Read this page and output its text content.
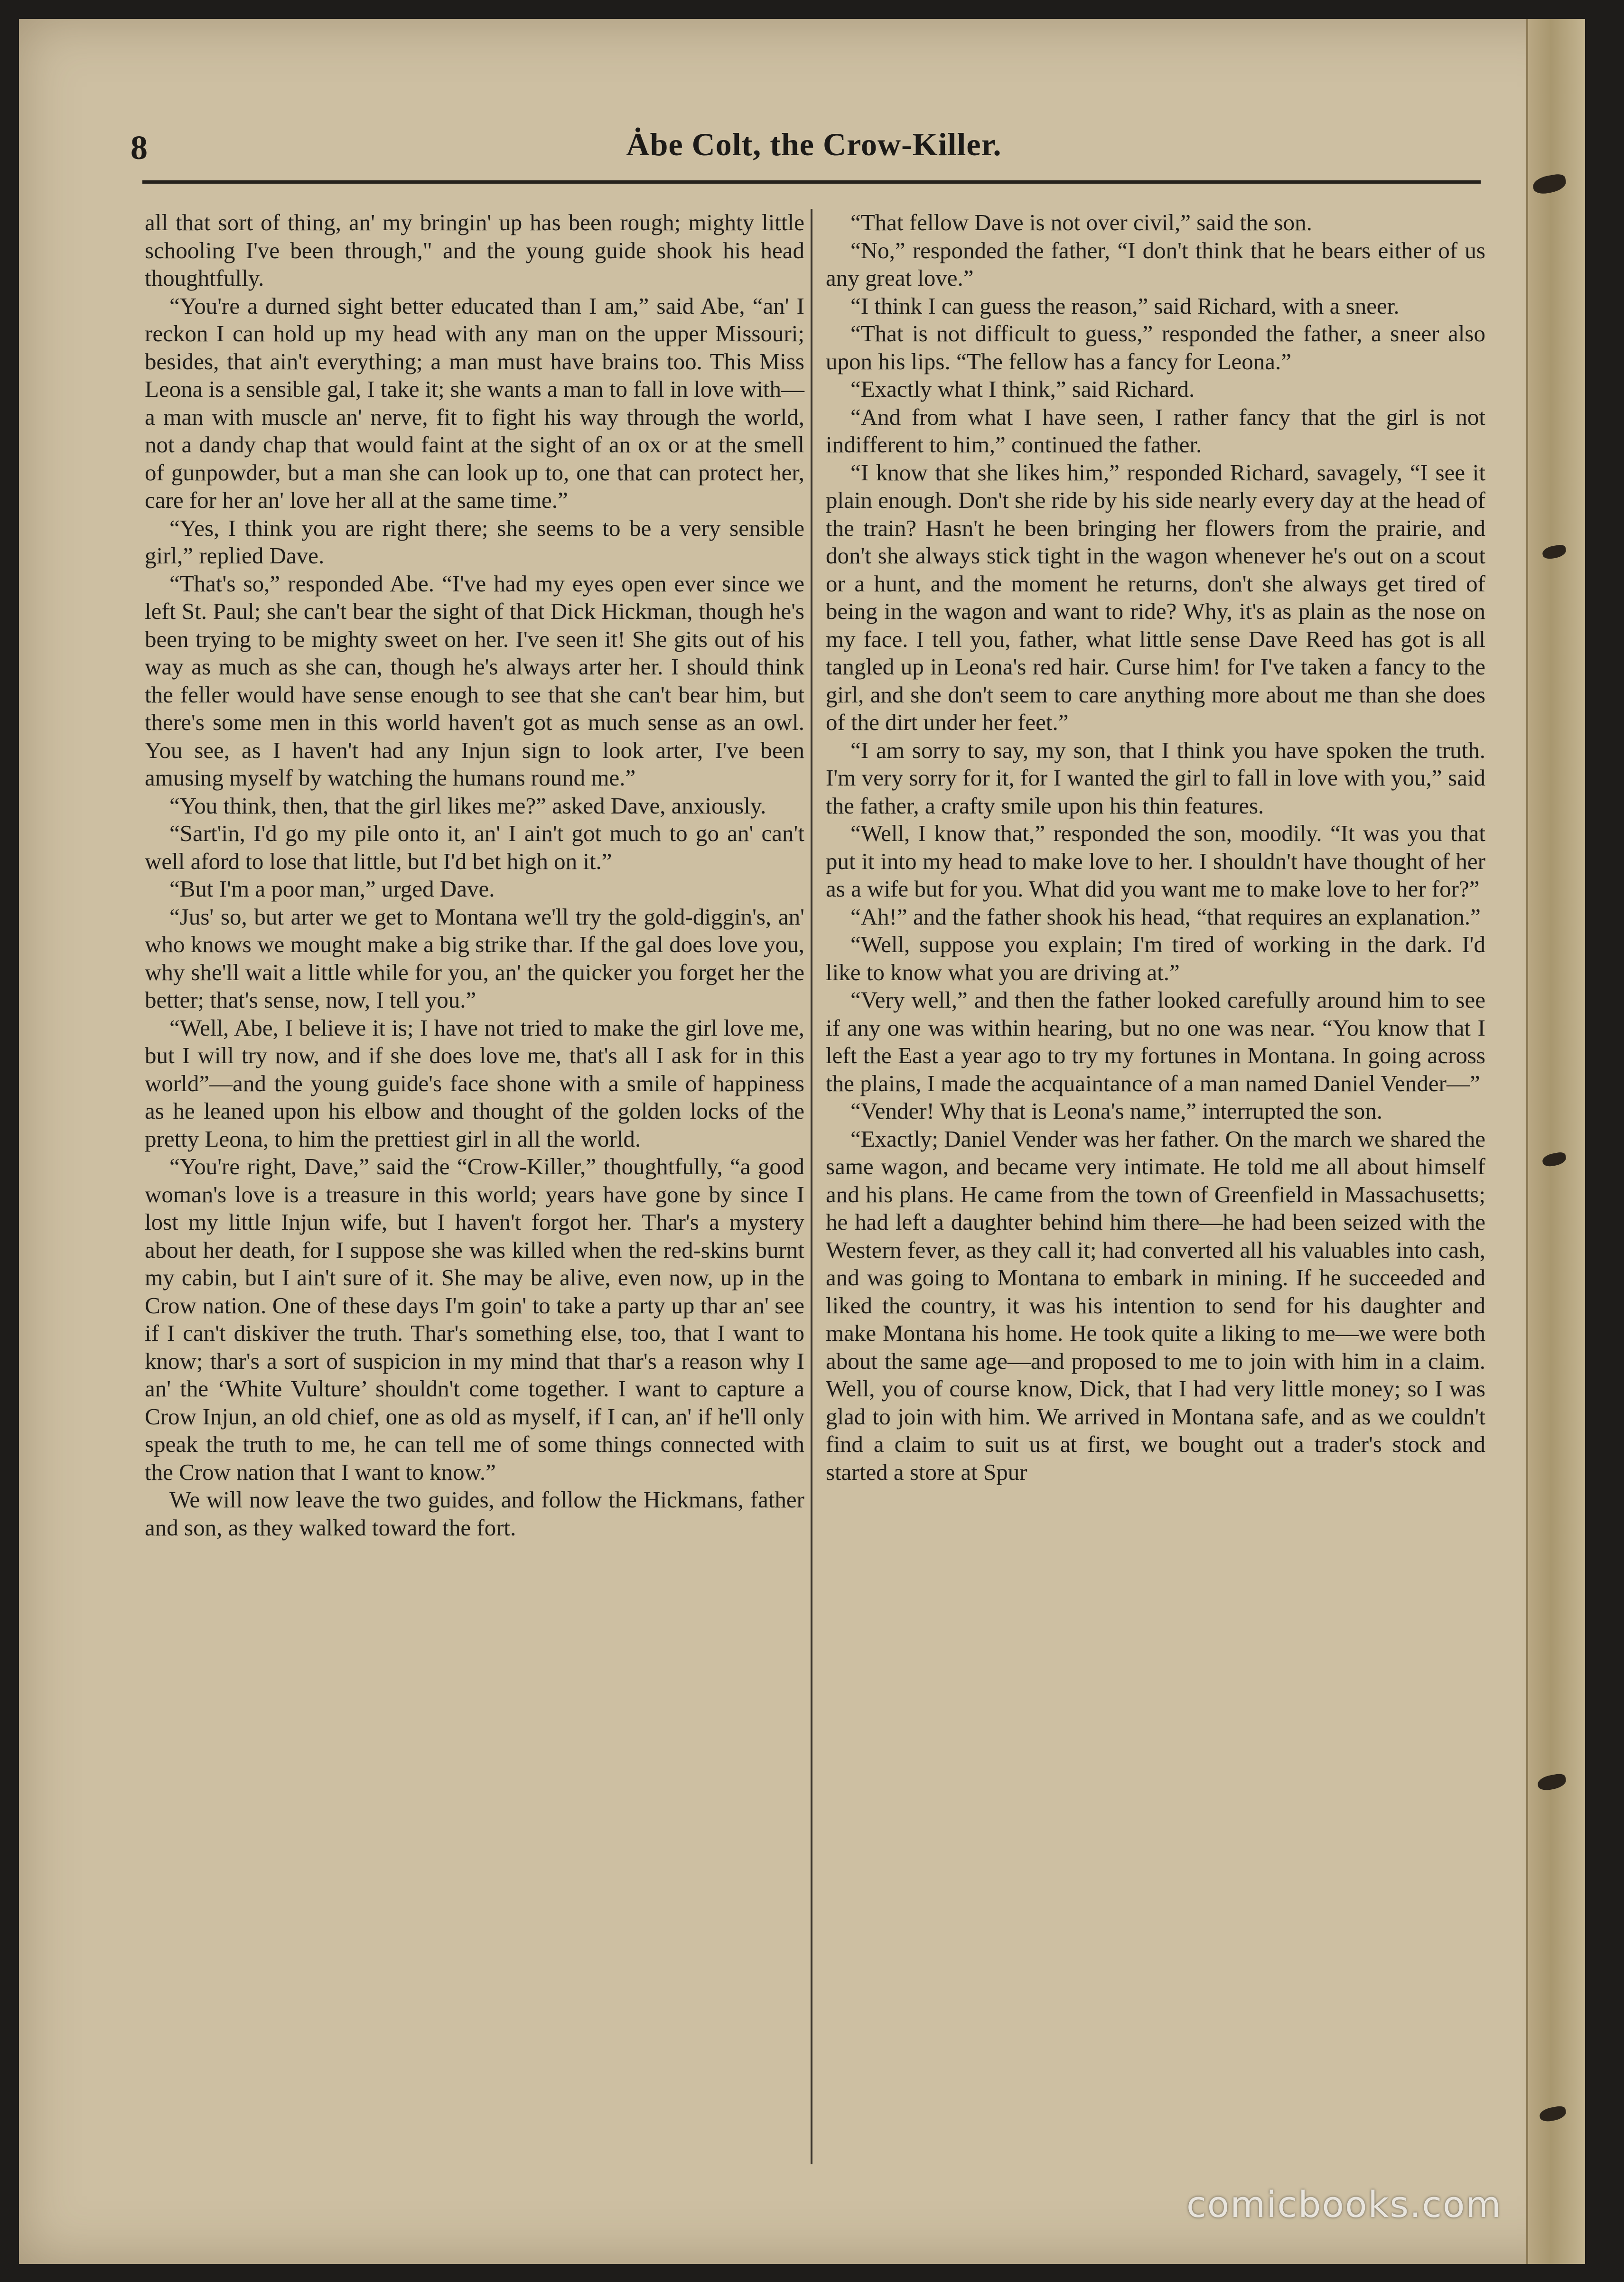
8	Ȧbe Colt, the Crow-Killer.

all that sort of thing, an' my bringin' up has been rough; mighty little schooling I've been through," and the young guide shook his head thoughtfully.

“You're a durned sight better educated than I am,” said Abe, “an' I reckon I can hold up my head with any man on the upper Missouri; besides, that ain't everything; a man must have brains too. This Miss Leona is a sensible gal, I take it; she wants a man to fall in love with—a man with muscle an' nerve, fit to fight his way through the world, not a dandy chap that would faint at the sight of an ox or at the smell of gunpowder, but a man she can look up to, one that can protect her, care for her an' love her all at the same time.”

“Yes, I think you are right there; she seems to be a very sensible girl,” replied Dave.

“That's so,” responded Abe. “I've had my eyes open ever since we left St. Paul; she can't bear the sight of that Dick Hickman, though he's been trying to be mighty sweet on her. I've seen it! She gits out of his way as much as she can, though he's always arter her. I should think the feller would have sense enough to see that she can't bear him, but there's some men in this world haven't got as much sense as an owl. You see, as I haven't had any Injun sign to look arter, I've been amusing myself by watching the humans round me.”

“You think, then, that the girl likes me?” asked Dave, anxiously.

“Sart'in, I'd go my pile onto it, an' I ain't got much to go an' can't well aford to lose that little, but I'd bet high on it.”

“But I'm a poor man,” urged Dave.

“Jus' so, but arter we get to Montana we'll try the gold-diggin's, an' who knows we mought make a big strike thar. If the gal does love you, why she'll wait a little while for you, an' the quicker you forget her the better; that's sense, now, I tell you.”

“Well, Abe, I believe it is; I have not tried to make the girl love me, but I will try now, and if she does love me, that's all I ask for in this world”—and the young guide's face shone with a smile of happiness as he leaned upon his elbow and thought of the golden locks of the pretty Leona, to him the prettiest girl in all the world.

“You're right, Dave,” said the “Crow-Killer,” thoughtfully, “a good woman's love is a treasure in this world; years have gone by since I lost my little Injun wife, but I haven't forgot her. Thar's a mystery about her death, for I suppose she was killed when the red-skins burnt my cabin, but I ain't sure of it. She may be alive, even now, up in the Crow nation. One of these days I'm goin' to take a party up thar an' see if I can't diskiver the truth. Thar's something else, too, that I want to know; thar's a sort of suspicion in my mind that thar's a reason why I an' the ‘White Vulture’ shouldn't come together. I want to capture a Crow Injun, an old chief, one as old as myself, if I can, an' if he'll only speak the truth to me, he can tell me of some things connected with the Crow nation that I want to know.”

We will now leave the two guides, and follow the Hickmans, father and son, as they walked toward the fort.

“That fellow Dave is not over civil,” said the son.

“No,” responded the father, “I don't think that he bears either of us any great love.”

“I think I can guess the reason,” said Richard, with a sneer.

“That is not difficult to guess,” responded the father, a sneer also upon his lips. “The fellow has a fancy for Leona.”

“Exactly what I think,” said Richard.

“And from what I have seen, I rather fancy that the girl is not indifferent to him,” continued the father.

“I know that she likes him,” responded Richard, savagely, “I see it plain enough. Don't she ride by his side nearly every day at the head of the train? Hasn't he been bringing her flowers from the prairie, and don't she always stick tight in the wagon whenever he's out on a scout or a hunt, and the moment he returns, don't she always get tired of being in the wagon and want to ride? Why, it's as plain as the nose on my face. I tell you, father, what little sense Dave Reed has got is all tangled up in Leona's red hair. Curse him! for I've taken a fancy to the girl, and she don't seem to care anything more about me than she does of the dirt under her feet.”

“I am sorry to say, my son, that I think you have spoken the truth. I'm very sorry for it, for I wanted the girl to fall in love with you,” said the father, a crafty smile upon his thin features.

“Well, I know that,” responded the son, moodily. “It was you that put it into my head to make love to her. I shouldn't have thought of her as a wife but for you. What did you want me to make love to her for?”

“Ah!” and the father shook his head, “that requires an explanation.”

“Well, suppose you explain; I'm tired of working in the dark. I'd like to know what you are driving at.”

“Very well,” and then the father looked carefully around him to see if any one was within hearing, but no one was near. “You know that I left the East a year ago to try my fortunes in Montana. In going across the plains, I made the acquaintance of a man named Daniel Vender—”

“Vender! Why that is Leona's name,” interrupted the son.

“Exactly; Daniel Vender was her father. On the march we shared the same wagon, and became very intimate. He told me all about himself and his plans. He came from the town of Greenfield in Massachusetts; he had left a daughter behind him there—he had been seized with the Western fever, as they call it; had converted all his valuables into cash, and was going to Montana to embark in mining. If he succeeded and liked the country, it was his intention to send for his daughter and make Montana his home. He took quite a liking to me—we were both about the same age—and proposed to me to join with him in a claim. Well, you of course know, Dick, that I had very little money; so I was glad to join with him. We arrived in Montana safe, and as we couldn't find a claim to suit us at first, we bought out a trader's stock and started a store at Spur

comicbooks.com
